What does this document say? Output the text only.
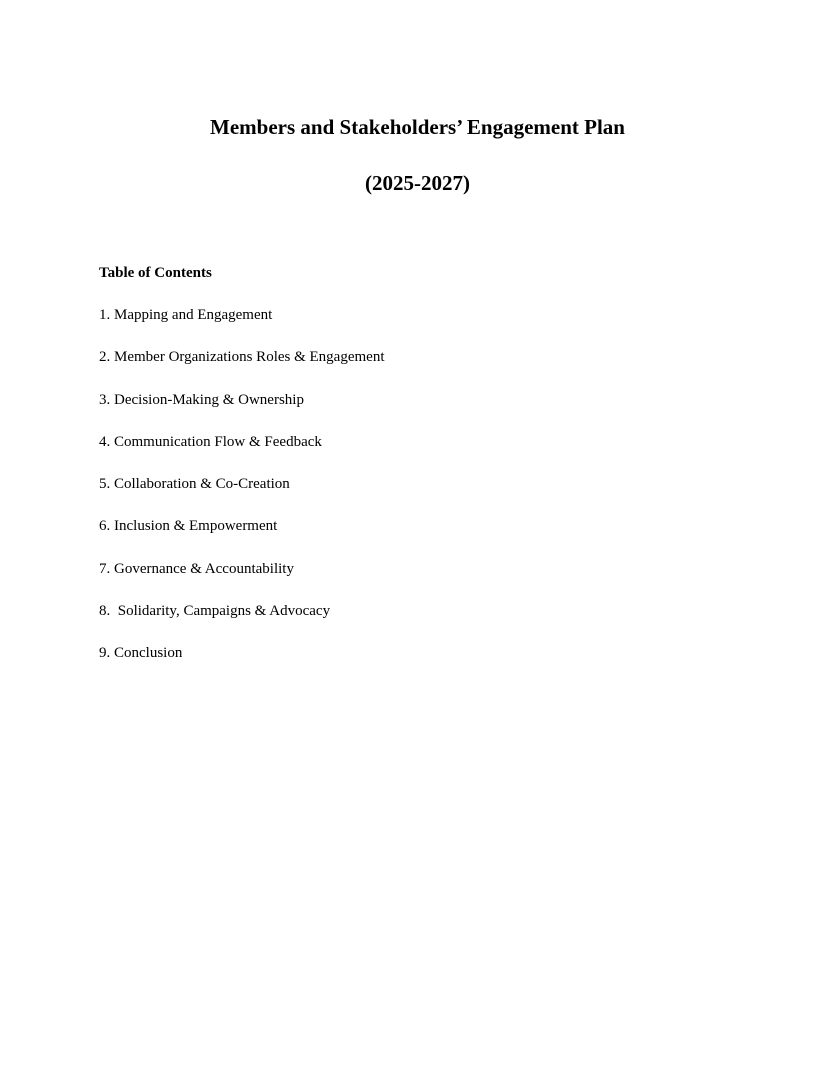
Members and Stakeholders’ Engagement Plan
(2025-2027)
Table of Contents
1. Mapping and Engagement
2. Member Organizations Roles & Engagement
3. Decision-Making & Ownership
4. Communication Flow & Feedback
5. Collaboration & Co-Creation
6. Inclusion & Empowerment
7. Governance & Accountability
8.  Solidarity, Campaigns & Advocacy
9. Conclusion
